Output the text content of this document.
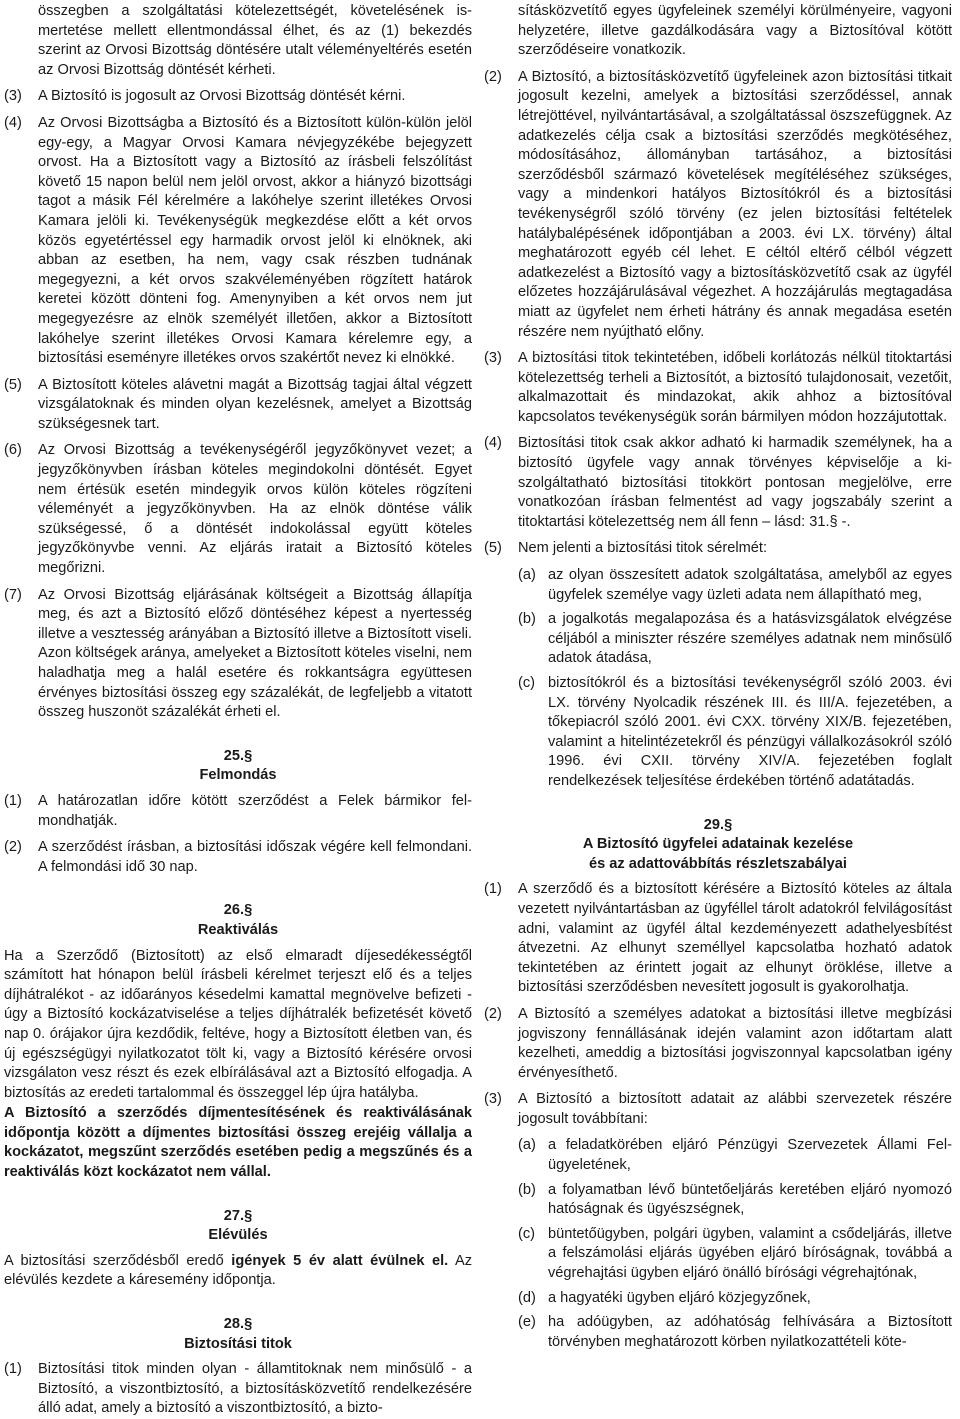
összegben a szolgáltatási kötelezettségét, követelésének ismertetése mellett ellentmondással élhet, és az (1) bekezdés szerint az Orvosi Bizottság döntésére utalt véleményeltérés esetén az Orvosi Bizottság döntését kérheti.

(3)	A Biztosító is jogosult az Orvosi Bizottság döntését kérni.
(4)	Az Orvosi Bizottságba a Biztosító és a Biztosított külön-külön jelöl egy-egy, a Magyar Orvosi Kamara névjegyzékébe bejegyzett orvost. Ha a Biztosított vagy a Biztosító az írásbeli felszólítást követő 15 napon belül nem jelöl orvost, akkor a hiányzó bizottsági tagot a másik Fél kérelmére a lakóhelye szerint illetékes Orvosi Kamara jelöli ki. Tevékenységük megkezdése előtt a két orvos közös egyetértéssel egy harmadik orvost jelöl ki elnöknek, aki abban az esetben, ha nem, vagy csak részben tudnának megegyezni, a két orvos szakvéleményében rögzített határok keretei között dönteni fog. Amenynyiben a két orvos nem jut megegyezésre az elnök személyét illetően, akkor a Biztosított lakóhelye szerint illetékes Orvosi Kamara kérelemre egy, a biztosítási eseményre illetékes orvos szakértőt nevez ki elnökké.
(5)	A Biztosított köteles alávetni magát a Bizottság tagjai által végzett vizsgálatoknak és minden olyan kezelésnek, amelyet a Bizottság szükségesnek tart.
(6)	Az Orvosi Bizottság a tevékenységéről jegyzőkönyvet vezet; a jegyzőkönyvben írásban köteles megindokolni döntését. Egyet nem értésük esetén mindegyik orvos külön köteles rögzíteni véleményét a jegyzőkönyvben. Ha az elnök döntése válik szükségessé, ő a döntését indokolással együtt köteles jegyzőkönyvbe venni. Az eljárás iratait a Biztosító köteles megőrizni.
(7)	Az Orvosi Bizottság eljárásának költségeit a Bizottság állapítja meg, és azt a Biztosító előző döntéséhez képest a nyertesség illetve a vesztesség arányában a Biztosító illetve a Biztosított viseli. Azon költségek aránya, amelyeket a Biztosított köteles viselni, nem haladhatja meg a halál esetére és rokkantságra együttesen érvényes biztosítási összeg egy százalékát, de legfeljebb a vitatott összeg huszonöt százalékát érheti el.
25.§
Felmondás
(1)	A határozatlan időre kötött szerződést a Felek bármikor felmondhatják.
(2)	A szerződést írásban, a biztosítási időszak végére kell felmondani. A felmondási idő 30 nap.
26.§
Reaktiválás

Ha a Szerződő (Biztosított) az első elmaradt díjesedékességtől számított hat hónapon belül írásbeli kérelmet terjeszt elő és a teljes díjhátralékot - az időarányos késedelmi kamattal megnövelve befizeti - úgy a Biztosító kockázatviselése a teljes díjhátralék befizetését követő nap 0. órájakor újra kezdődik, feltéve, hogy a Biztosított életben van, és új egészségügyi nyilatkozatot tölt ki, vagy a Biztosító kérésére orvosi vizsgálaton vesz részt és ezek elbírálásával azt a Biztosító elfogadja. A biztosítás az eredeti tartalommal és összeggel lép újra hatályba.

A Biztosító a szerződés díjmentesítésének és reaktiválásának időpontja között a díjmentes biztosítási összeg erejéig vállalja a kockázatot, megszűnt szerződés esetében pedig a megszűnés és a reaktiválás közt kockázatot nem vállal.

27.§
Elévülés

A biztosítási szerződésből eredő igények 5 év alatt évülnek el. Az elévülés kezdete a káresemény időpontja.

28.§
Biztosítási titok
(1)	Biztosítási titok minden olyan - államtitoknak nem minősülő - a Biztosító, a viszontbiztosító, a biztosításközvetítő rendelkezésére álló adat, amely a biztosító a viszontbiztosító, a bizto-

sításközvetítő egyes ügyfeleinek személyi körülményeire, vagyoni helyzetére, illetve gazdálkodására vagy a Biztosítóval kötött szerződéseire vonatkozik.

(2)	A Biztosító, a biztosításközvetítő ügyfeleinek azon biztosítási titkait jogosult kezelni, amelyek a biztosítási szerződéssel, annak létrejöttével, nyilvántartásával, a szolgáltatással öszszefüggnek. Az adatkezelés célja csak a biztosítási szerződés megkötéséhez, módosításához, állományban tartásához, a biztosítási szerződésből származó követelések megítéléséhez szükséges, vagy a mindenkori hatályos Biztosítókról és a biztosítási tevékenységről szóló törvény (ez jelen biztosítási feltételek hatálybalépésének időpontjában a 2003. évi LX. törvény) által meghatározott egyéb cél lehet. E céltól eltérő célból végzett adatkezelést a Biztosító vagy a biztosításközvetítő csak az ügyfél előzetes hozzájárulásával végezhet. A hozzájárulás megtagadása miatt az ügyfelet nem érheti hátrány és annak megadása esetén részére nem nyújtható előny.
(3)	A biztosítási titok tekintetében, időbeli korlátozás nélkül titoktartási kötelezettség terheli a Biztosítót, a biztosító tulajdonosait, vezetőit, alkalmazottait és mindazokat, akik ahhoz a biztosítóval kapcsolatos tevékenységük során bármilyen módon hozzájutottak.
(4)	Biztosítási titok csak akkor adható ki harmadik személynek, ha a biztosító ügyfele vagy annak törvényes képviselője a kiszolgáltatható biztosítási titokkört pontosan megjelölve, erre vonatkozóan írásban felmentést ad vagy jogszabály szerint a titoktartási kötelezettség nem áll fenn – lásd: 31.§ -.
(5)	Nem jelenti a biztosítási titok sérelmét:
(a) az olyan összesített adatok szolgáltatása, amelyből az egyes ügyfelek személye vagy üzleti adata nem állapítható meg,
(b) a jogalkotás megalapozása és a hatásvizsgálatok elvégzése céljából a miniszter részére személyes adatnak nem minősülő adatok átadása,
(c) biztosítókról és a biztosítási tevékenységről szóló 2003. évi LX. törvény Nyolcadik részének III. és III/A. fejezetében, a tőkepiacról szóló 2001. évi CXX. törvény XIX/B. fejezetében, valamint a hitelintézetekről és pénzügyi vállalkozásokról szóló 1996. évi CXII. törvény XIV/A. fejezetében foglalt rendelkezések teljesítése érdekében történő adatátadás.
29.§
A Biztosító ügyfelei adatainak kezelése
és az adattovábbítás részletszabályai
(1)	A szerződő és a biztosított kérésére a Biztosító köteles az általa vezetett nyilvántartásban az ügyféllel tárolt adatokról felvilágosítást adni, valamint az ügyfél által kezdeményezett adathelyesbítést átvezetni. Az elhunyt személlyel kapcsolatba hozható adatok tekintetében az érintett jogait az elhunyt öröklése, illetve a biztosítási szerződésben nevesített jogosult is gyakorolhatja.
(2)	A Biztosító a személyes adatokat a biztosítási illetve megbízási jogviszony fennállásának idején valamint azon időtartam alatt kezelheti, ameddig a biztosítási jogviszonnyal kapcsolatban igény érvényesíthető.
(3)	A Biztosító a biztosított adatait az alábbi szervezetek részére jogosult továbbítani:
(a) a feladatkörében eljáró Pénzügyi Szervezetek Állami Felügyeletének,
(b) a folyamatban lévő büntetőeljárás keretében eljáró nyomozó hatóságnak és ügyészségnek,
(c) büntetőügyben, polgári ügyben, valamint a csődeljárás, illetve a felszámolási eljárás ügyében eljáró bíróságnak, továbbá a végrehajtási ügyben eljáró önálló bírósági végrehajtónak,
(d) a hagyatéki ügyben eljáró közjegyzőnek,
(e) ha adóügyben, az adóhatóság felhívására a Biztosított törvényben meghatározott körben nyilatkozattételi köte-
